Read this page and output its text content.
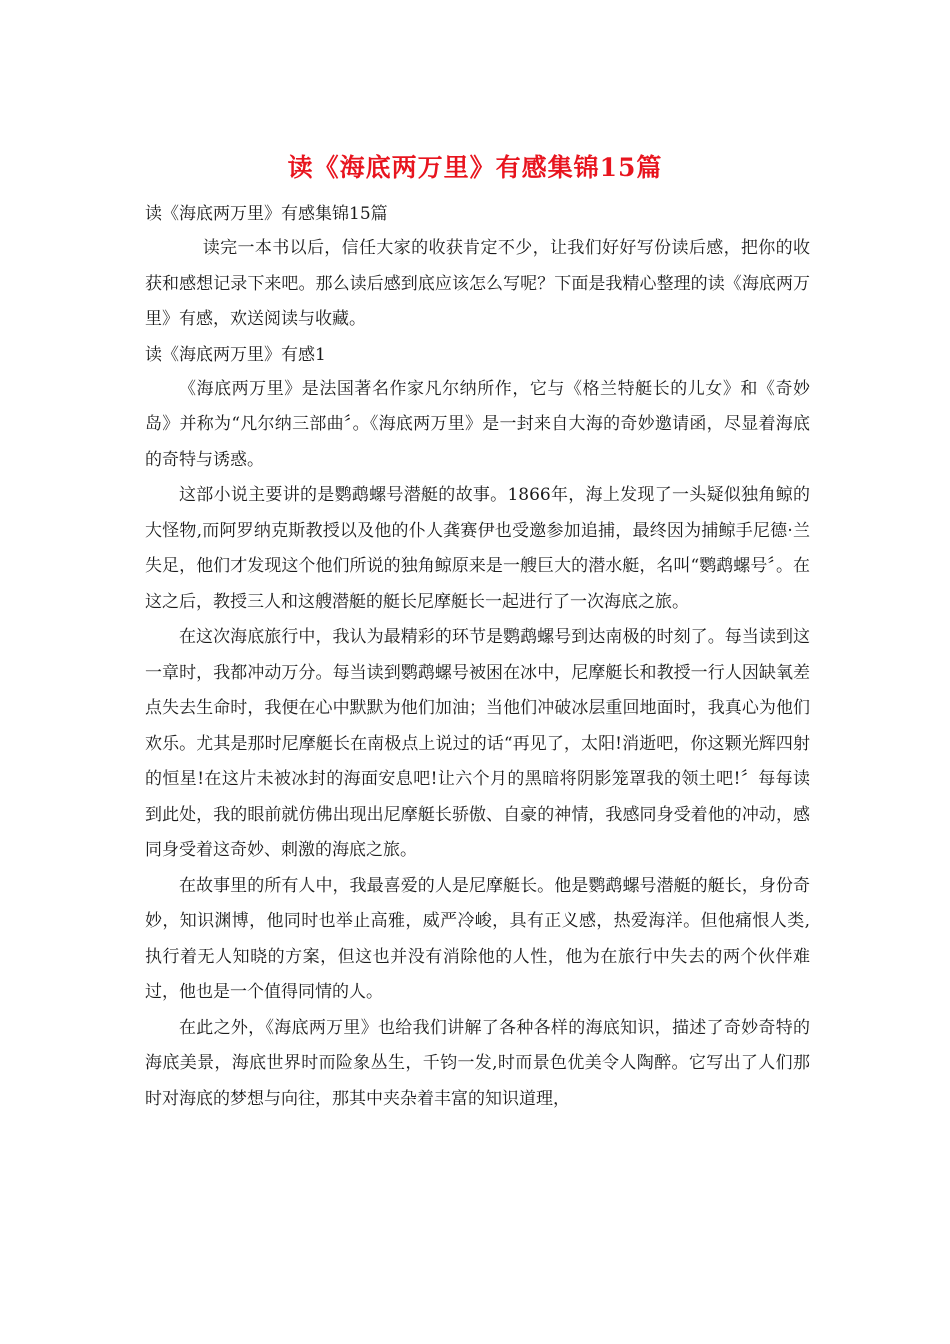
读《海底两万里》有感集锦15篇

读《海底两万里》有感集锦15篇

读完一本书以后，信任大家的收获肯定不少，让我们好好写份读后感，把你的收获和感想记录下来吧。那么读后感到底应该怎么写呢？下面是我精心整理的读《海底两万里》有感，欢送阅读与收藏。

读《海底两万里》有感1

《海底两万里》是法国著名作家凡尔纳所作，它与《格兰特艇长的儿女》和《奇妙岛》并称为“凡尔纳三部曲〞。《海底两万里》是一封来自大海的奇妙邀请函，尽显着海底的奇特与诱惑。

这部小说主要讲的是鹦鹉螺号潜艇的故事。1866年，海上发现了一头疑似独角鲸的大怪物,而阿罗纳克斯教授以及他的仆人龚赛伊也受邀参加追捕，最终因为捕鲸手尼德·兰失足，他们才发现这个他们所说的独角鲸原来是一艘巨大的潜水艇，名叫“鹦鹉螺号〞。在这之后，教授三人和这艘潜艇的艇长尼摩艇长一起进行了一次海底之旅。

在这次海底旅行中，我认为最精彩的环节是鹦鹉螺号到达南极的时刻了。每当读到这一章时，我都冲动万分。每当读到鹦鹉螺号被困在冰中，尼摩艇长和教授一行人因缺氧差点失去生命时，我便在心中默默为他们加油；当他们冲破冰层重回地面时，我真心为他们欢乐。尤其是那时尼摩艇长在南极点上说过的话“再见了，太阳!消逝吧，你这颗光辉四射的恒星!在这片未被冰封的海面安息吧!让六个月的黑暗将阴影笼罩我的领土吧!〞每每读到此处，我的眼前就仿佛出现出尼摩艇长骄傲、自豪的神情，我感同身受着他的冲动，感同身受着这奇妙、刺激的海底之旅。

在故事里的所有人中，我最喜爱的人是尼摩艇长。他是鹦鹉螺号潜艇的艇长，身份奇妙，知识渊博，他同时也举止高雅，威严冷峻，具有正义感，热爱海洋。但他痛恨人类,执行着无人知晓的方案，但这也并没有消除他的人性，他为在旅行中失去的两个伙伴难过，他也是一个值得同情的人。

在此之外，《海底两万里》也给我们讲解了各种各样的海底知识，描述了奇妙奇特的海底美景，海底世界时而险象丛生，千钧一发,时而景色优美令人陶醉。它写出了人们那时对海底的梦想与向往，那其中夹杂着丰富的知识道理，
